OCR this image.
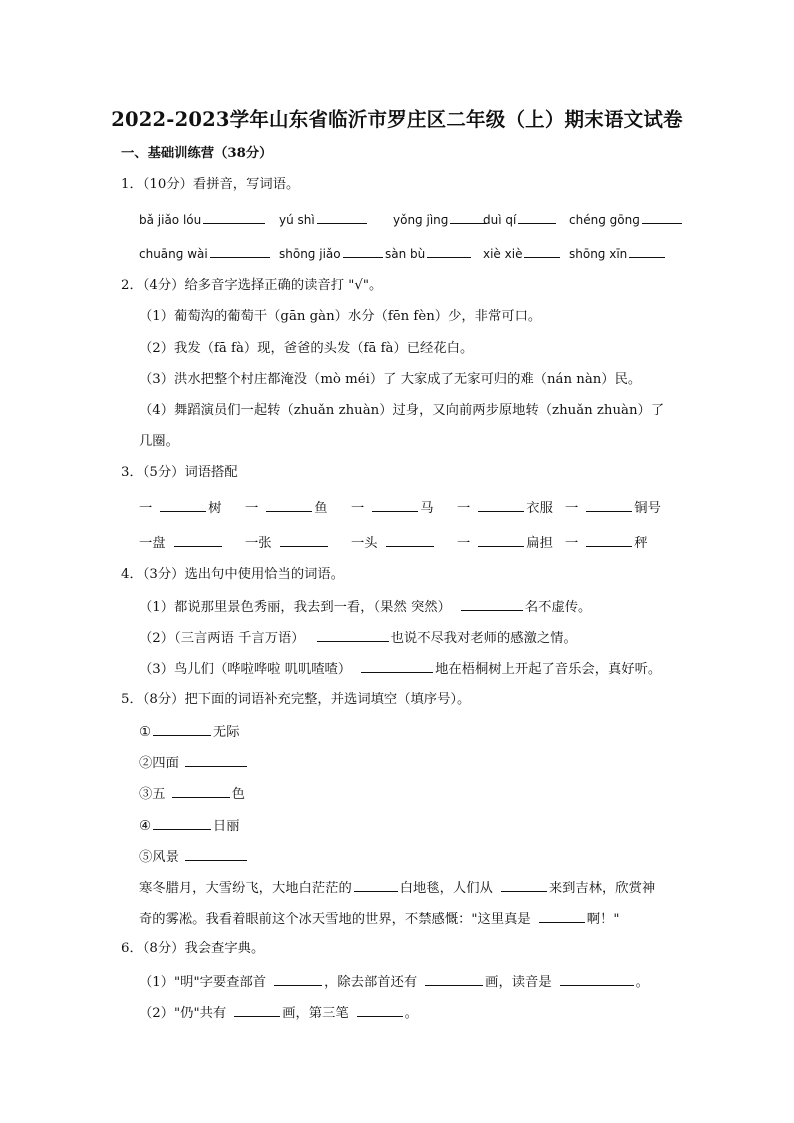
2022-2023学年山东省临沂市罗庄区二年级（上）期末语文试卷
一、基础训练营（38分）
1．（10分）看拼音，写词语。
bǎ jiǎo lóu	yú shì	yǒnɡ jìnɡ	duì qí	chénɡ gōnɡ
chuānɡ wài	shōnɡ jiǎo	sàn bù	xiè xiè	shōnɡ xīn
2．（4分）给多音字选择正确的读音打 "√"。
（1）葡萄沟的葡萄干（gān gàn）水分（fēn fèn）少，非常可口。
（2）我发（fā fà）现，爸爸的头发（fā fà）已经花白。
（3）洪水把整个村庄都淹没（mò méi）了 大家成了无家可归的难（nán nàn）民。
（4）舞蹈演员们一起转（zhuǎn zhuàn）过身，又向前两步原地转（zhuǎn zhuàn）了
几圈。
3．（5分）词语搭配
一	树 一	鱼 一	马 一	衣服 一	铜号
一盘	一张	一头	一	扁担 一	秤
4．（3分）选出句中使用恰当的词语。
（1）都说那里景色秀丽，我去到一看，（果然 突然）	名不虚传。
（2）（三言两语 千言万语）	也说不尽我对老师的感激之情。
（3）鸟儿们（哗啦哗啦 叽叽喳喳）	地在梧桐树上开起了音乐会，真好听。
5．（8分）把下面的词语补充完整，并选词填空（填序号）。
①	无际
②四面
③五	色
④	日丽
⑤风景
寒冬腊月，大雪纷飞，大地白茫茫的	白地毯，人们从	来到吉林，欣赏神
奇的雾凇。我看着眼前这个冰天雪地的世界，不禁感慨："这里真是	啊！"
6．（8分）我会查字典。
（1）"明"字要查部首	，除去部首还有	画，读音是	。
（2）"仍"共有	画，第三笔	。
